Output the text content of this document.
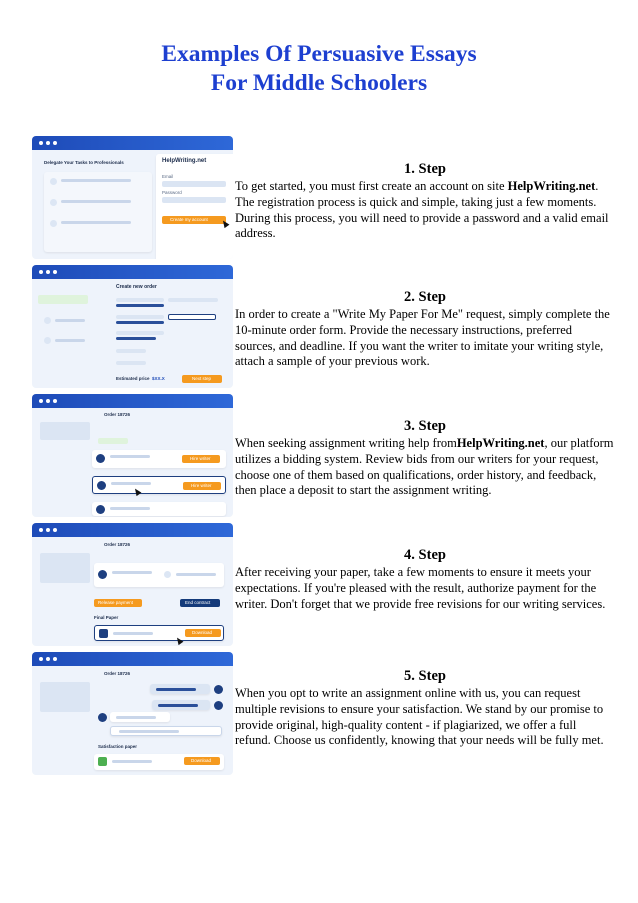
Examples Of Persuasive Essays
For Middle Schoolers
Delegate Your Tasks to Professionals	HelpWriting.net
Email
Password
Create my account
1. Step

To get started, you must first create an account on site HelpWriting.net. The registration process is quick and simple, taking just a few moments. During this process, you will need to provide a password and a valid email address.

Create new order
Estimated price $XX.X	Next step
2. Step

In order to create a "Write My Paper For Me" request, simply complete the 10-minute order form. Provide the necessary instructions, preferred sources, and deadline. If you want the writer to imitate your writing style, attach a sample of your previous work.

Order 18726
Hire writer
Hire writer
3. Step

When seeking assignment writing help fromHelpWriting.net, our platform utilizes a bidding system. Review bids from our writers for your request, choose one of them based on qualifications, order history, and feedback, then place a deposit to start the assignment writing.

Order 18726
Release payment	End contract
Final Paper
Download
4. Step

After receiving your paper, take a few moments to ensure it meets your expectations. If you're pleased with the result, authorize payment for the writer. Don't forget that we provide free revisions for our writing services.

Order 18726
Satisfaction paper
Download
5. Step

When you opt to write an assignment online with us, you can request multiple revisions to ensure your satisfaction. We stand by our promise to provide original, high-quality content - if plagiarized, we offer a full refund. Choose us confidently, knowing that your needs will be fully met.
